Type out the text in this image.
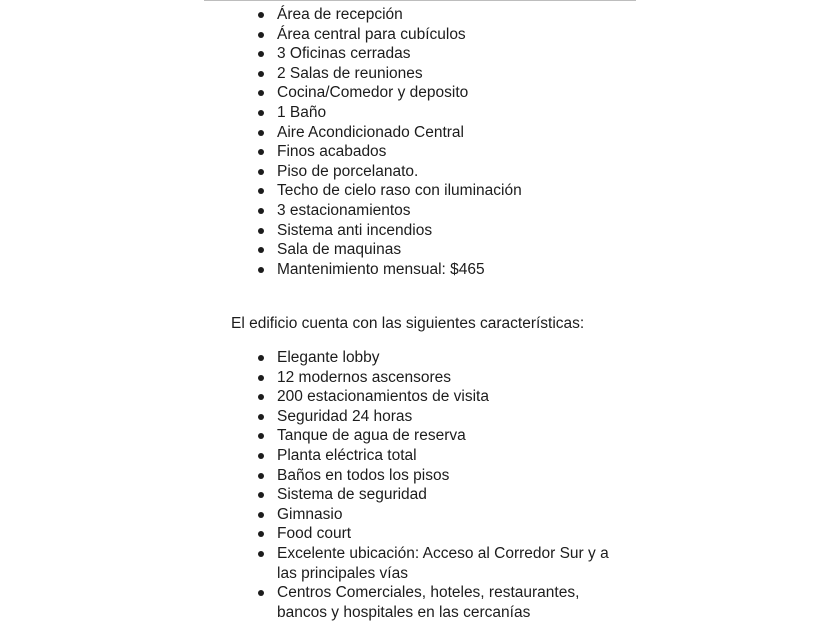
Área de recepción
Área central para cubículos
3 Oficinas cerradas
2 Salas de reuniones
Cocina/Comedor y deposito
1 Baño
Aire Acondicionado Central
Finos acabados
Piso de porcelanato.
Techo de cielo raso con iluminación
3 estacionamientos
Sistema anti incendios
Sala de maquinas
Mantenimiento mensual: $465
El edificio cuenta con las siguientes características:
Elegante lobby
12 modernos ascensores
200 estacionamientos de visita
Seguridad 24 horas
Tanque de agua de reserva
Planta eléctrica total
Baños en todos los pisos
Sistema de seguridad
Gimnasio
Food court
Excelente ubicación: Acceso al Corredor Sur y a las principales vías
Centros Comerciales, hoteles, restaurantes, bancos y hospitales en las cercanías
